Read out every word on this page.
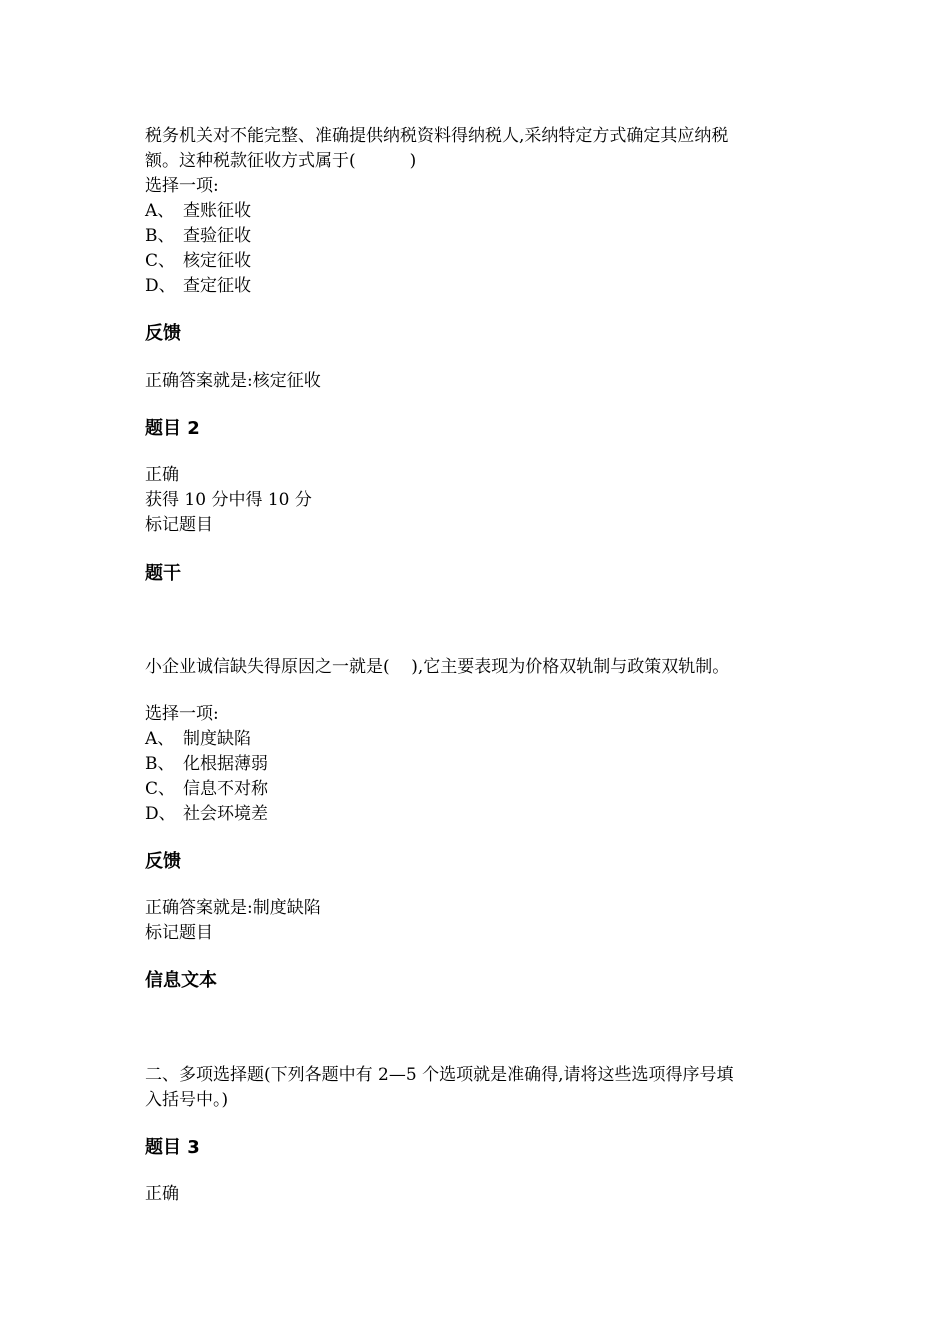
税务机关对不能完整、准确提供纳税资料得纳税人,采纳特定方式确定其应纳税
额。这种税款征收方式属于(          )
选择一项:
A、 查账征收
B、 查验征收
C、 核定征收
D、 查定征收
反馈
正确答案就是:核定征收
题目 2
正确
获得 10 分中得 10 分
标记题目
题干
小企业诚信缺失得原因之一就是(    ),它主要表现为价格双轨制与政策双轨制。
选择一项:
A、 制度缺陷
B、 化根据薄弱
C、 信息不对称
D、 社会环境差
反馈
正确答案就是:制度缺陷
标记题目
信息文本
二、多项选择题(下列各题中有 2—5 个选项就是准确得,请将这些选项得序号填
入括号中。)
题目 3
正确
